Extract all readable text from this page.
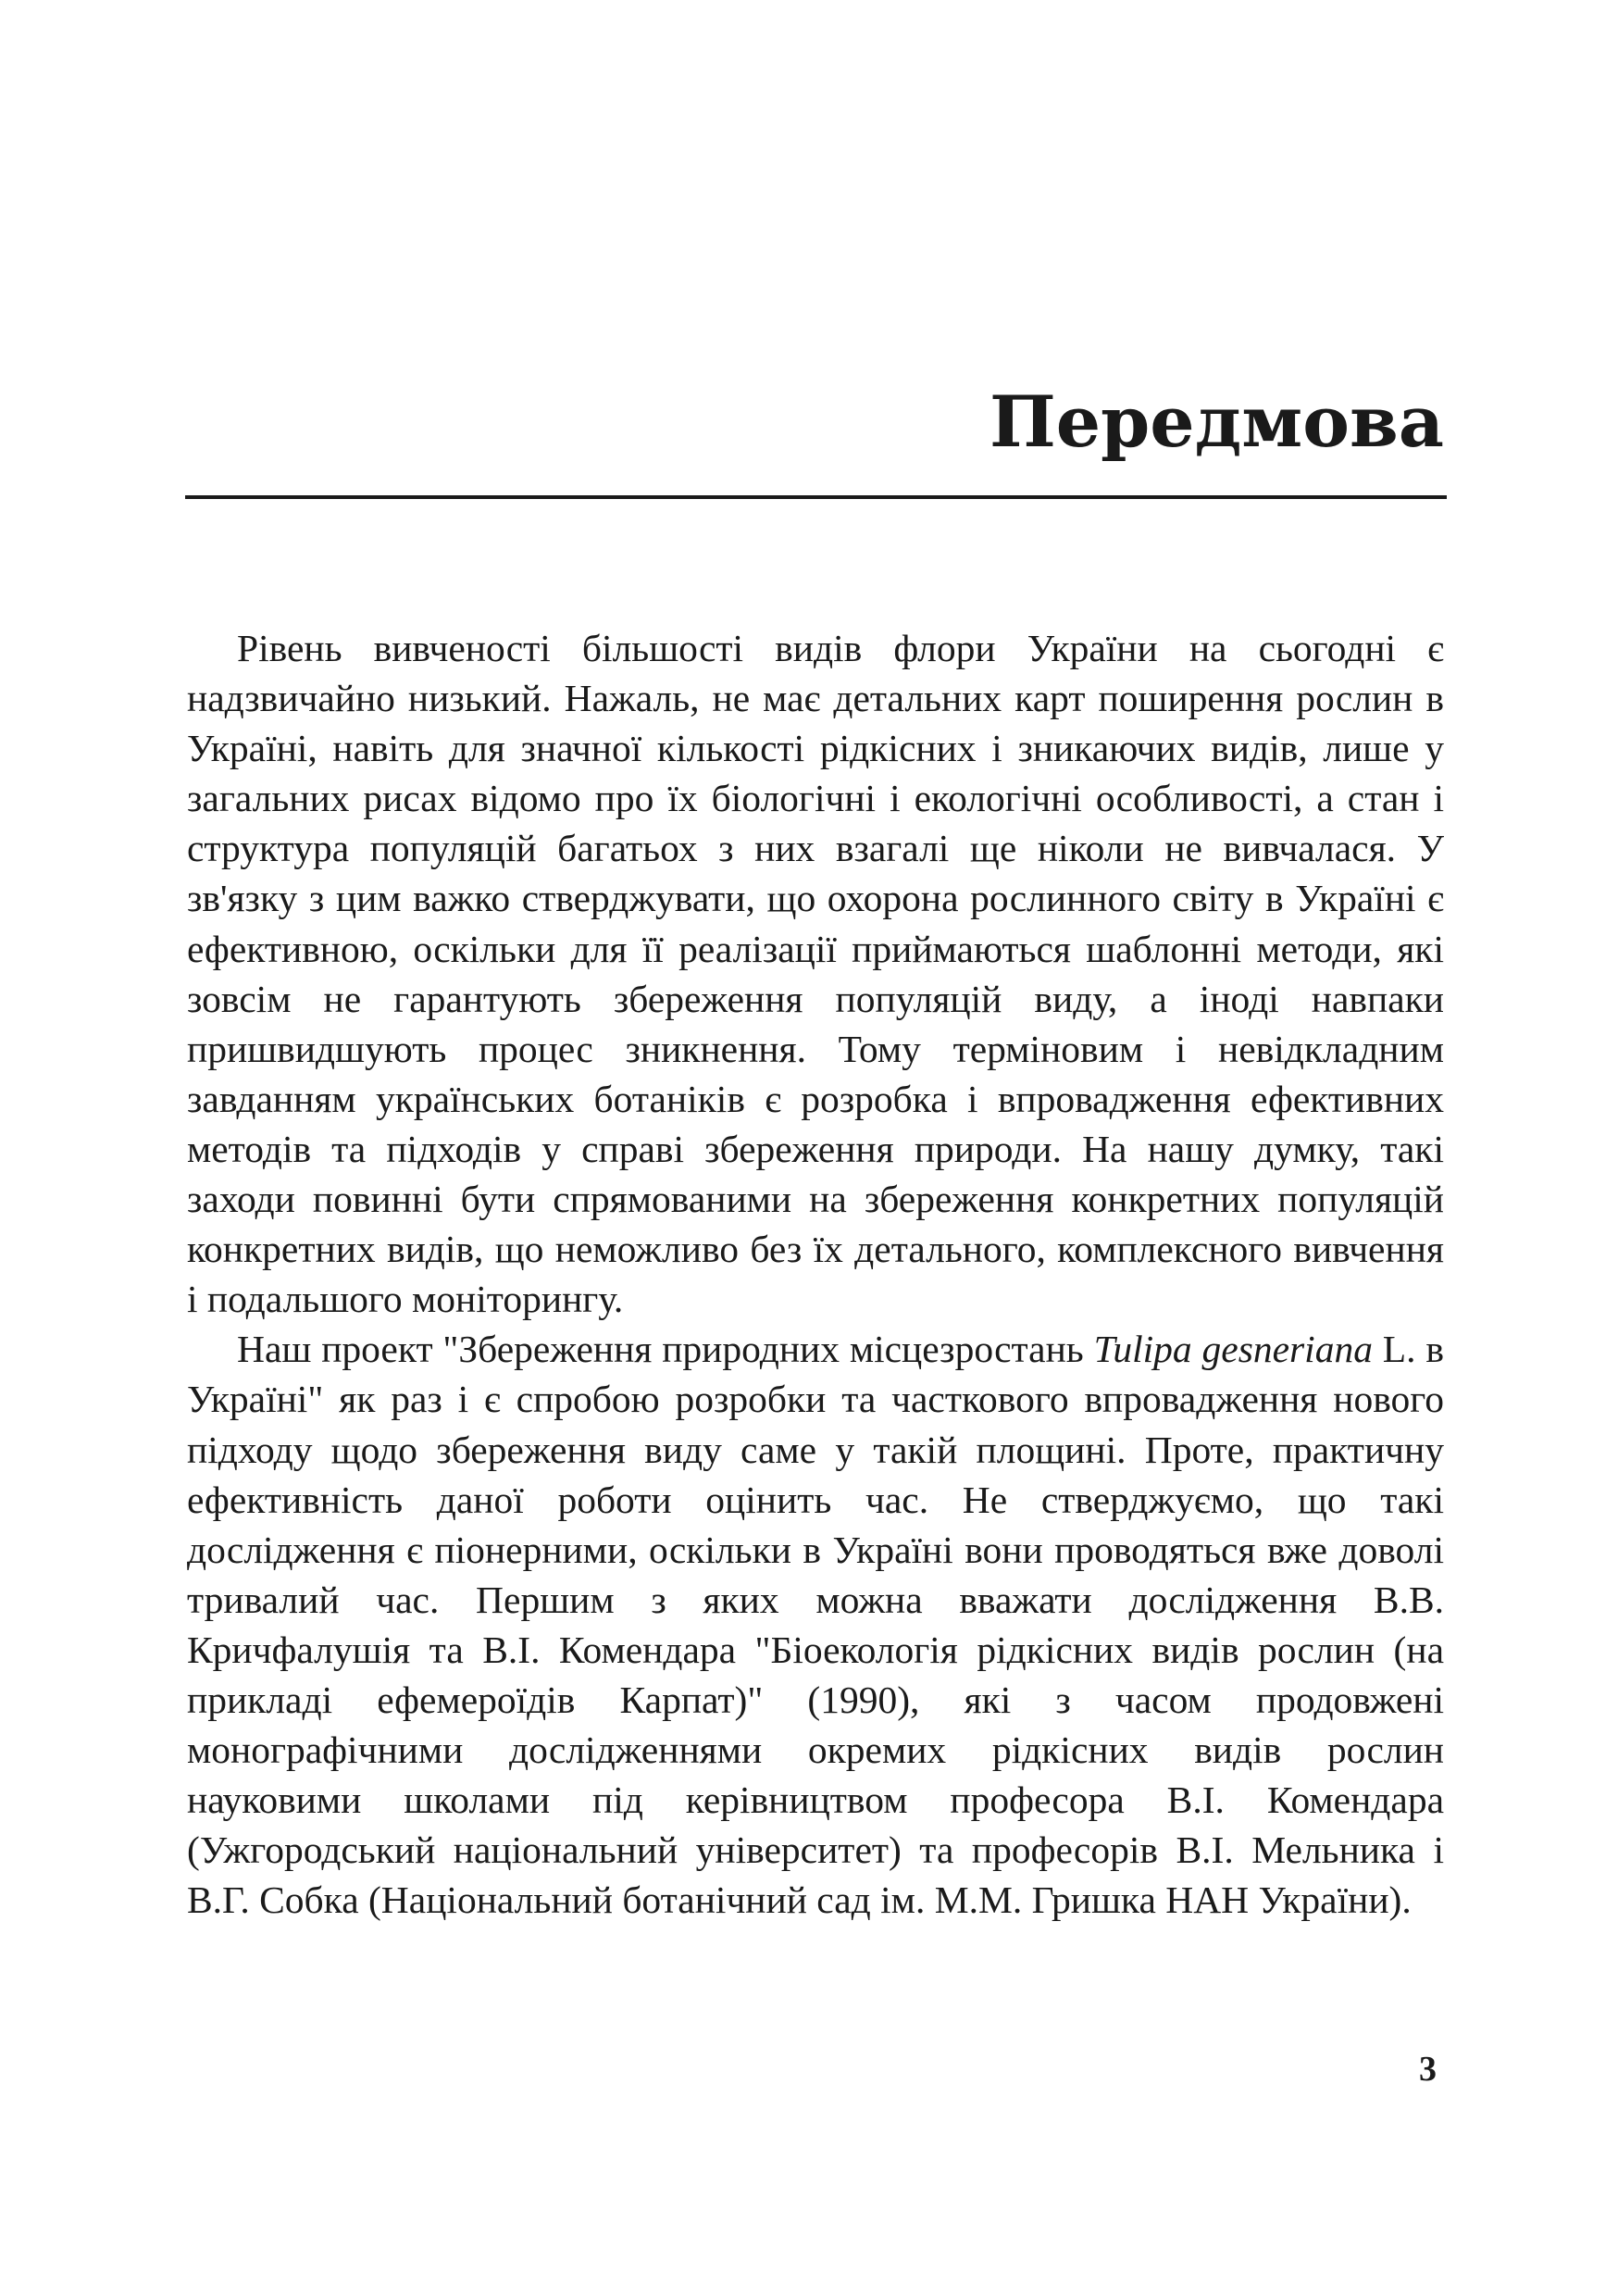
Передмова

Рівень вивченості більшості видів флори України на сьогодні є надзвичайно низький. Нажаль, не має детальних карт поширення рослин в Україні, навіть для значної кількості рідкісних і зникаючих видів, лише у загальних рисах відомо про їх біологічні і екологічні особливості, а стан і структура популяцій багатьох з них взагалі ще ніколи не вивчалася. У зв'язку з цим важко стверджувати, що охорона рослинного світу в Україні є ефективною, оскільки для її реалізації приймаються шаблонні методи, які зовсім не гарантують збереження популяцій виду, а іноді навпаки пришвидшують процес зникнення. Тому терміновим і невідкладним завданням українських ботаніків є розробка і впровадження ефективних методів та підходів у справі збереження природи. На нашу думку, такі заходи повинні бути спрямованими на збереження конкретних популяцій конкретних видів, що неможливо без їх детального, комплексного вивчення і подальшого моніторингу.

Наш проект "Збереження природних місцезростань Tulipa gesneriana L. в Україні" як раз і є спробою розробки та часткового впровадження нового підходу щодо збереження виду саме у такій площині. Проте, практичну ефективність даної роботи оцінить час. Не стверджуємо, що такі дослідження є піонерними, оскільки в Україні вони проводяться вже доволі тривалий час. Першим з яких можна вважати дослідження В.В. Кричфалушія та В.І. Комендара "Біоекологія рідкісних видів рослин (на прикладі ефемероїдів Карпат)" (1990), які з часом продовжені монографічними дослідженнями окремих рідкісних видів рослин науковими школами під керівництвом професора В.І. Комендара (Ужгородський національний університет) та професорів В.І. Мельника і В.Г. Собка (Національний ботанічний сад ім. М.М. Гришка НАН України).

3
